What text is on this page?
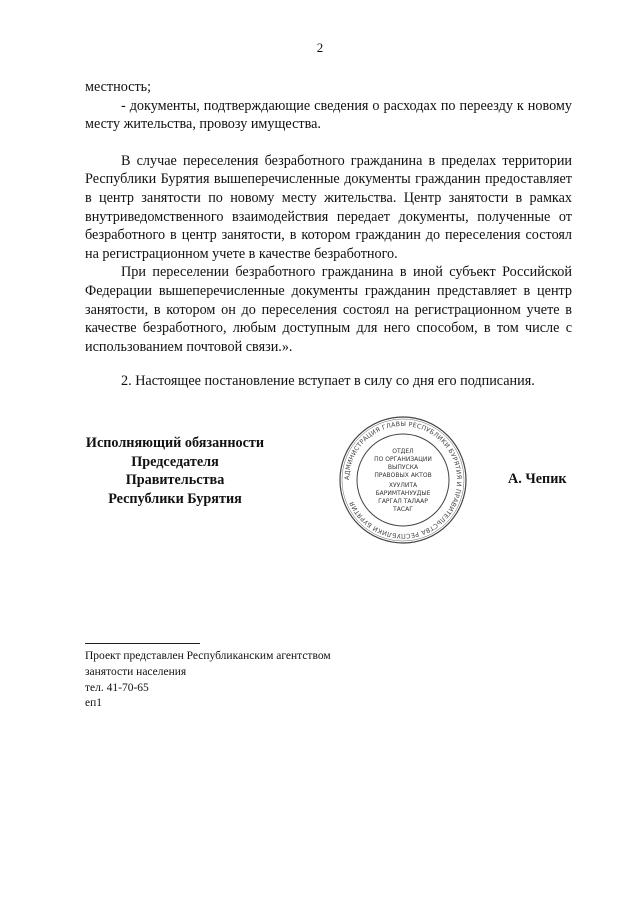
2

местность;

- документы, подтверждающие сведения о расходах по переезду к новому месту жительства, провозу имущества.

В случае переселения безработного гражданина в пределах территории Республики Бурятия вышеперечисленные документы гражданин предоставляет в центр занятости по новому месту жительства. Центр занятости в рамках внутриведомственного взаимодействия передает документы, полученные от безработного в центр занятости, в котором гражданин до переселения состоял на регистрационном учете в качестве безработного.

При переселении безработного гражданина в иной субъект Российской Федерации вышеперечисленные документы гражданин представляет в центр занятости, в котором он до переселения состоял на регистрационном учете в качестве безработного, любым доступным для него способом, в том числе с использованием почтовой связи.».

2. Настоящее постановление вступает в силу со дня его подписания.

Исполняющий обязанности
Председателя Правительства
Республики Бурятия
АДМИНИСТРАЦИЯ ГЛАВЫ РЕСПУБЛИКИ БУРЯТИЯ И ПРАВИТЕЛЬСТВА РЕСПУБЛИКИ БУРЯТИЯ
ОТДЕЛ
ПО ОРГАНИЗАЦИИ
ВЫПУСКА
ПРАВОВЫХ АКТОВ
ХУУЛИТА
БАРИМТАНУУДЫЕ
ГАРГАЛ ТАЛААР
ТАСАГ
А. Чепик
Проект представлен Республиканским агентством
занятости населения
тел. 41-70-65
еп1
